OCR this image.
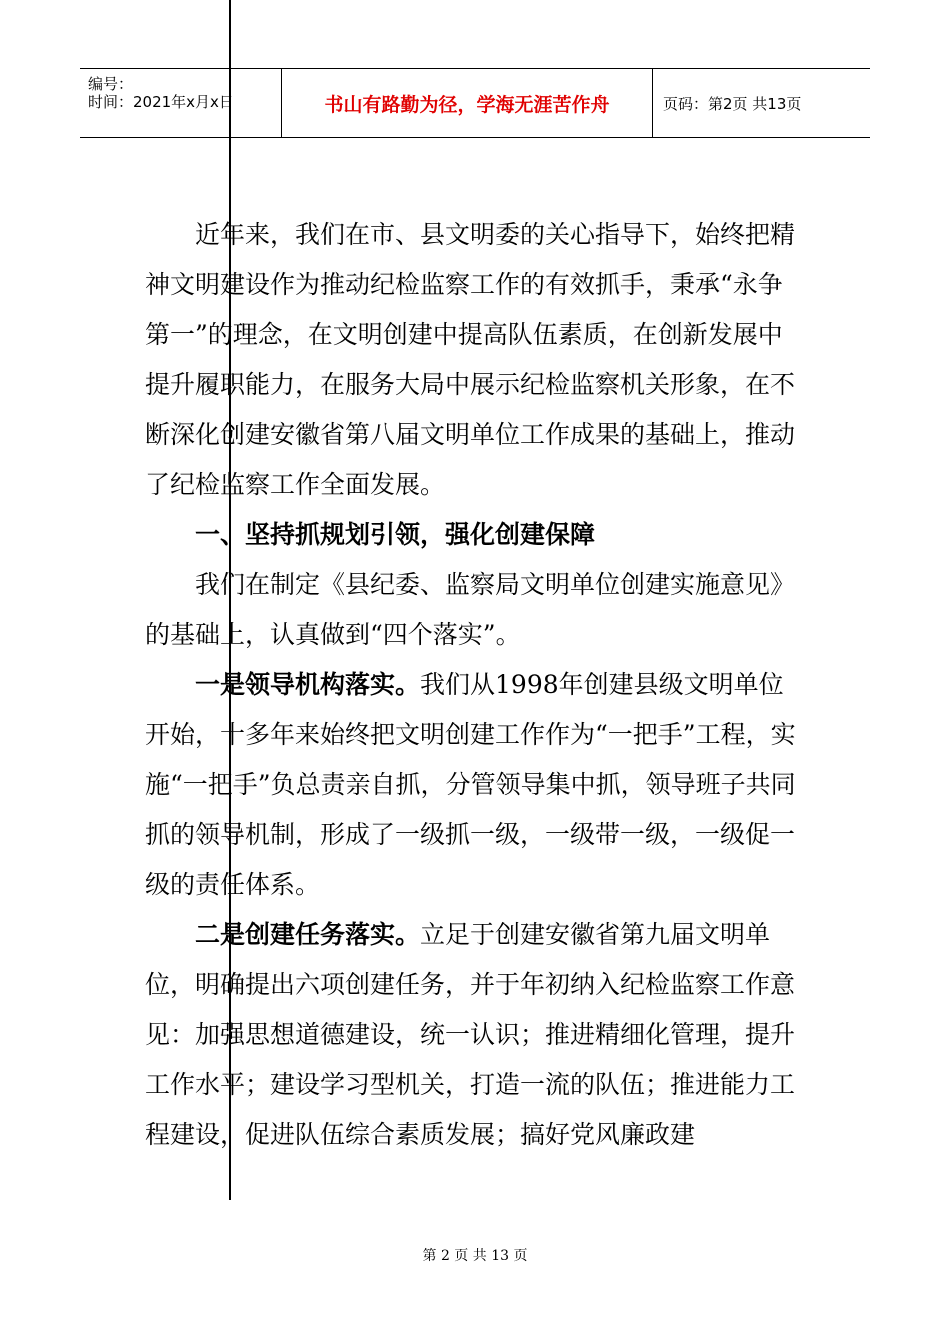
编号：
时间：2021年x月x日	书山有路勤为径，学海无涯苦作舟	页码：第2页 共13页

近年来，我们在市、县文明委的关心指导下，始终把精神文明建设作为推动纪检监察工作的有效抓手，秉承“永争第一”的理念，在文明创建中提高队伍素质，在创新发展中提升履职能力，在服务大局中展示纪检监察机关形象，在不断深化创建安徽省第八届文明单位工作成果的基础上，推动了纪检监察工作全面发展。

一、坚持抓规划引领，强化创建保障

我们在制定《县纪委、监察局文明单位创建实施意见》的基础上，认真做到“四个落实”。

一是领导机构落实。我们从1998年创建县级文明单位开始，十多年来始终把文明创建工作作为“一把手”工程，实施“一把手”负总责亲自抓，分管领导集中抓，领导班子共同抓的领导机制，形成了一级抓一级，一级带一级，一级促一级的责任体系。

二是创建任务落实。立足于创建安徽省第九届文明单位，明确提出六项创建任务，并于年初纳入纪检监察工作意见：加强思想道德建设，统一认识；推进精细化管理，提升工作水平；建设学习型机关，打造一流的队伍；推进能力工程建设，促进队伍综合素质发展；搞好党风廉政建

第 2 页 共 13 页
